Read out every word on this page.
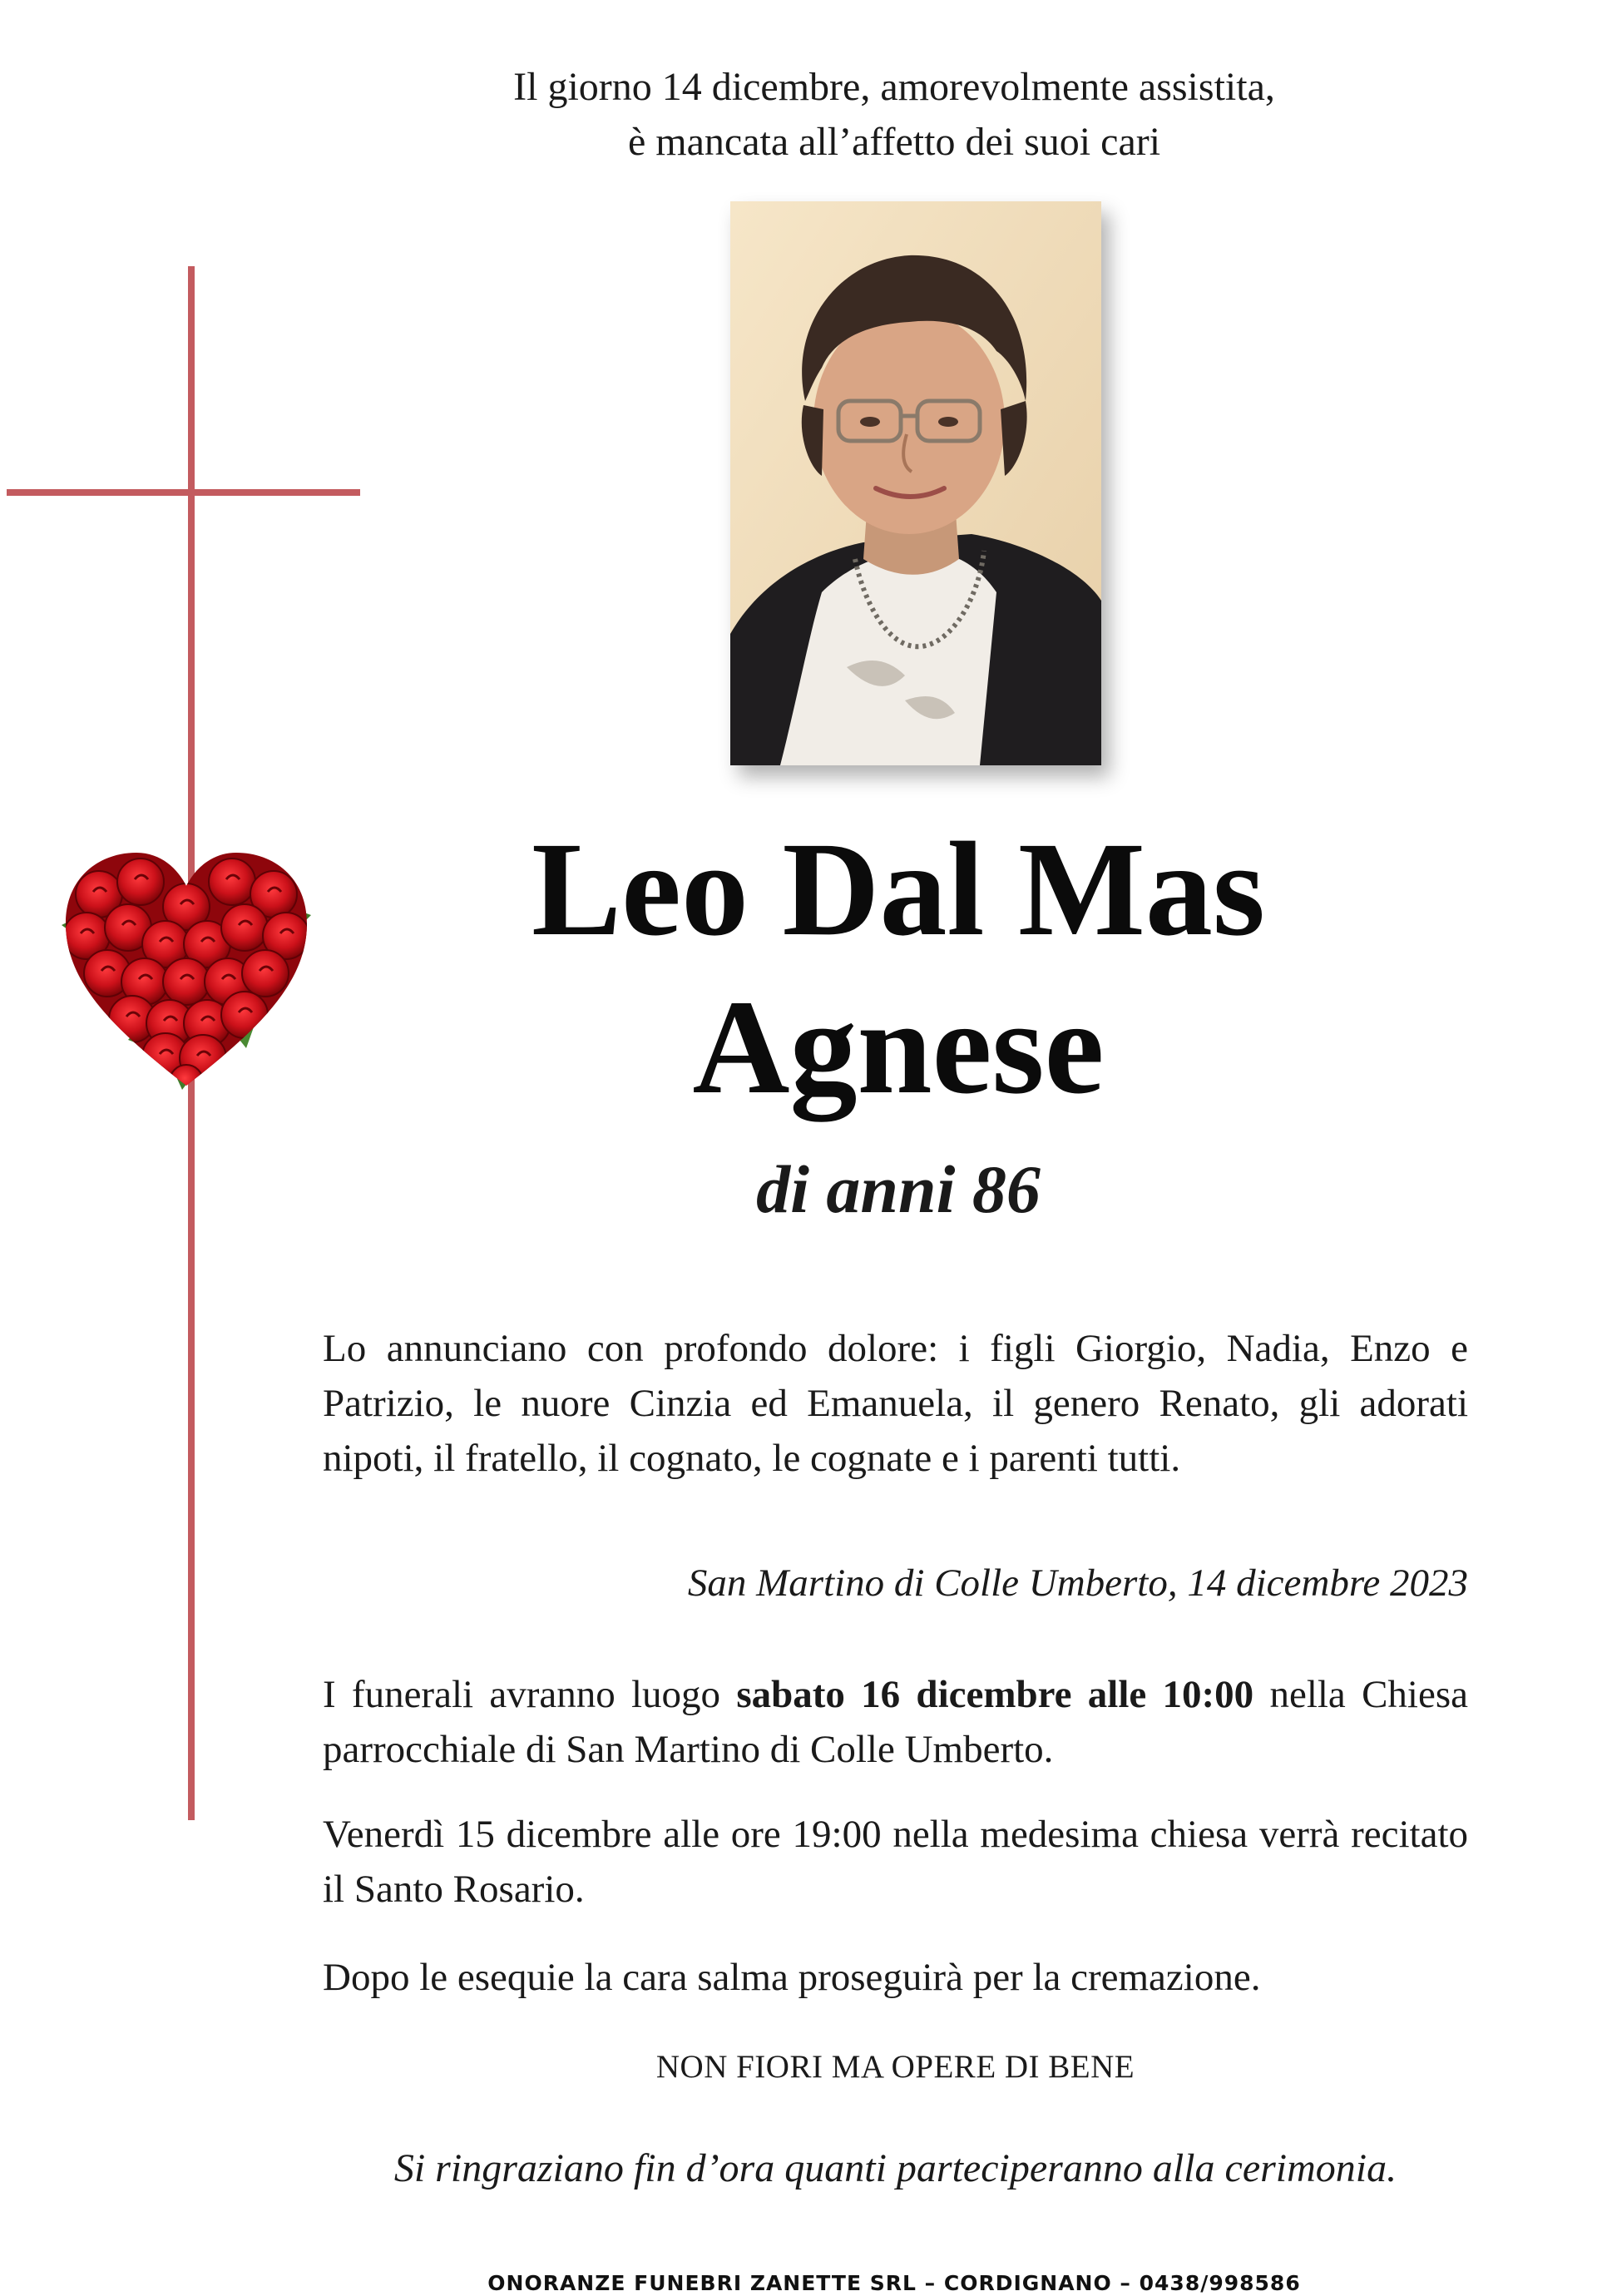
Il giorno 14 dicembre, amorevolmente assistita,
è mancata all’affetto dei suoi cari
Leo Dal Mas
Agnese
di anni 86
Lo annunciano con profondo dolore: i figli Giorgio, Nadia, Enzo e Patrizio, le nuore Cinzia ed Emanuela, il genero Renato, gli adorati nipoti, il fratello, il cognato, le cognate e i parenti tutti.
San Martino di Colle Umberto, 14 dicembre 2023
I funerali avranno luogo sabato 16 dicembre alle 10:00 nella Chiesa parrocchiale di San Martino di Colle Umberto.
Venerdì 15 dicembre alle ore 19:00 nella medesima chiesa verrà recitato il Santo Rosario.
Dopo le esequie la cara salma proseguirà per la cremazione.
NON FIORI MA OPERE DI BENE
Si ringraziano fin d’ora quanti parteciperanno alla cerimonia.
ONORANZE FUNEBRI ZANETTE SRL – CORDIGNANO – 0438/998586
